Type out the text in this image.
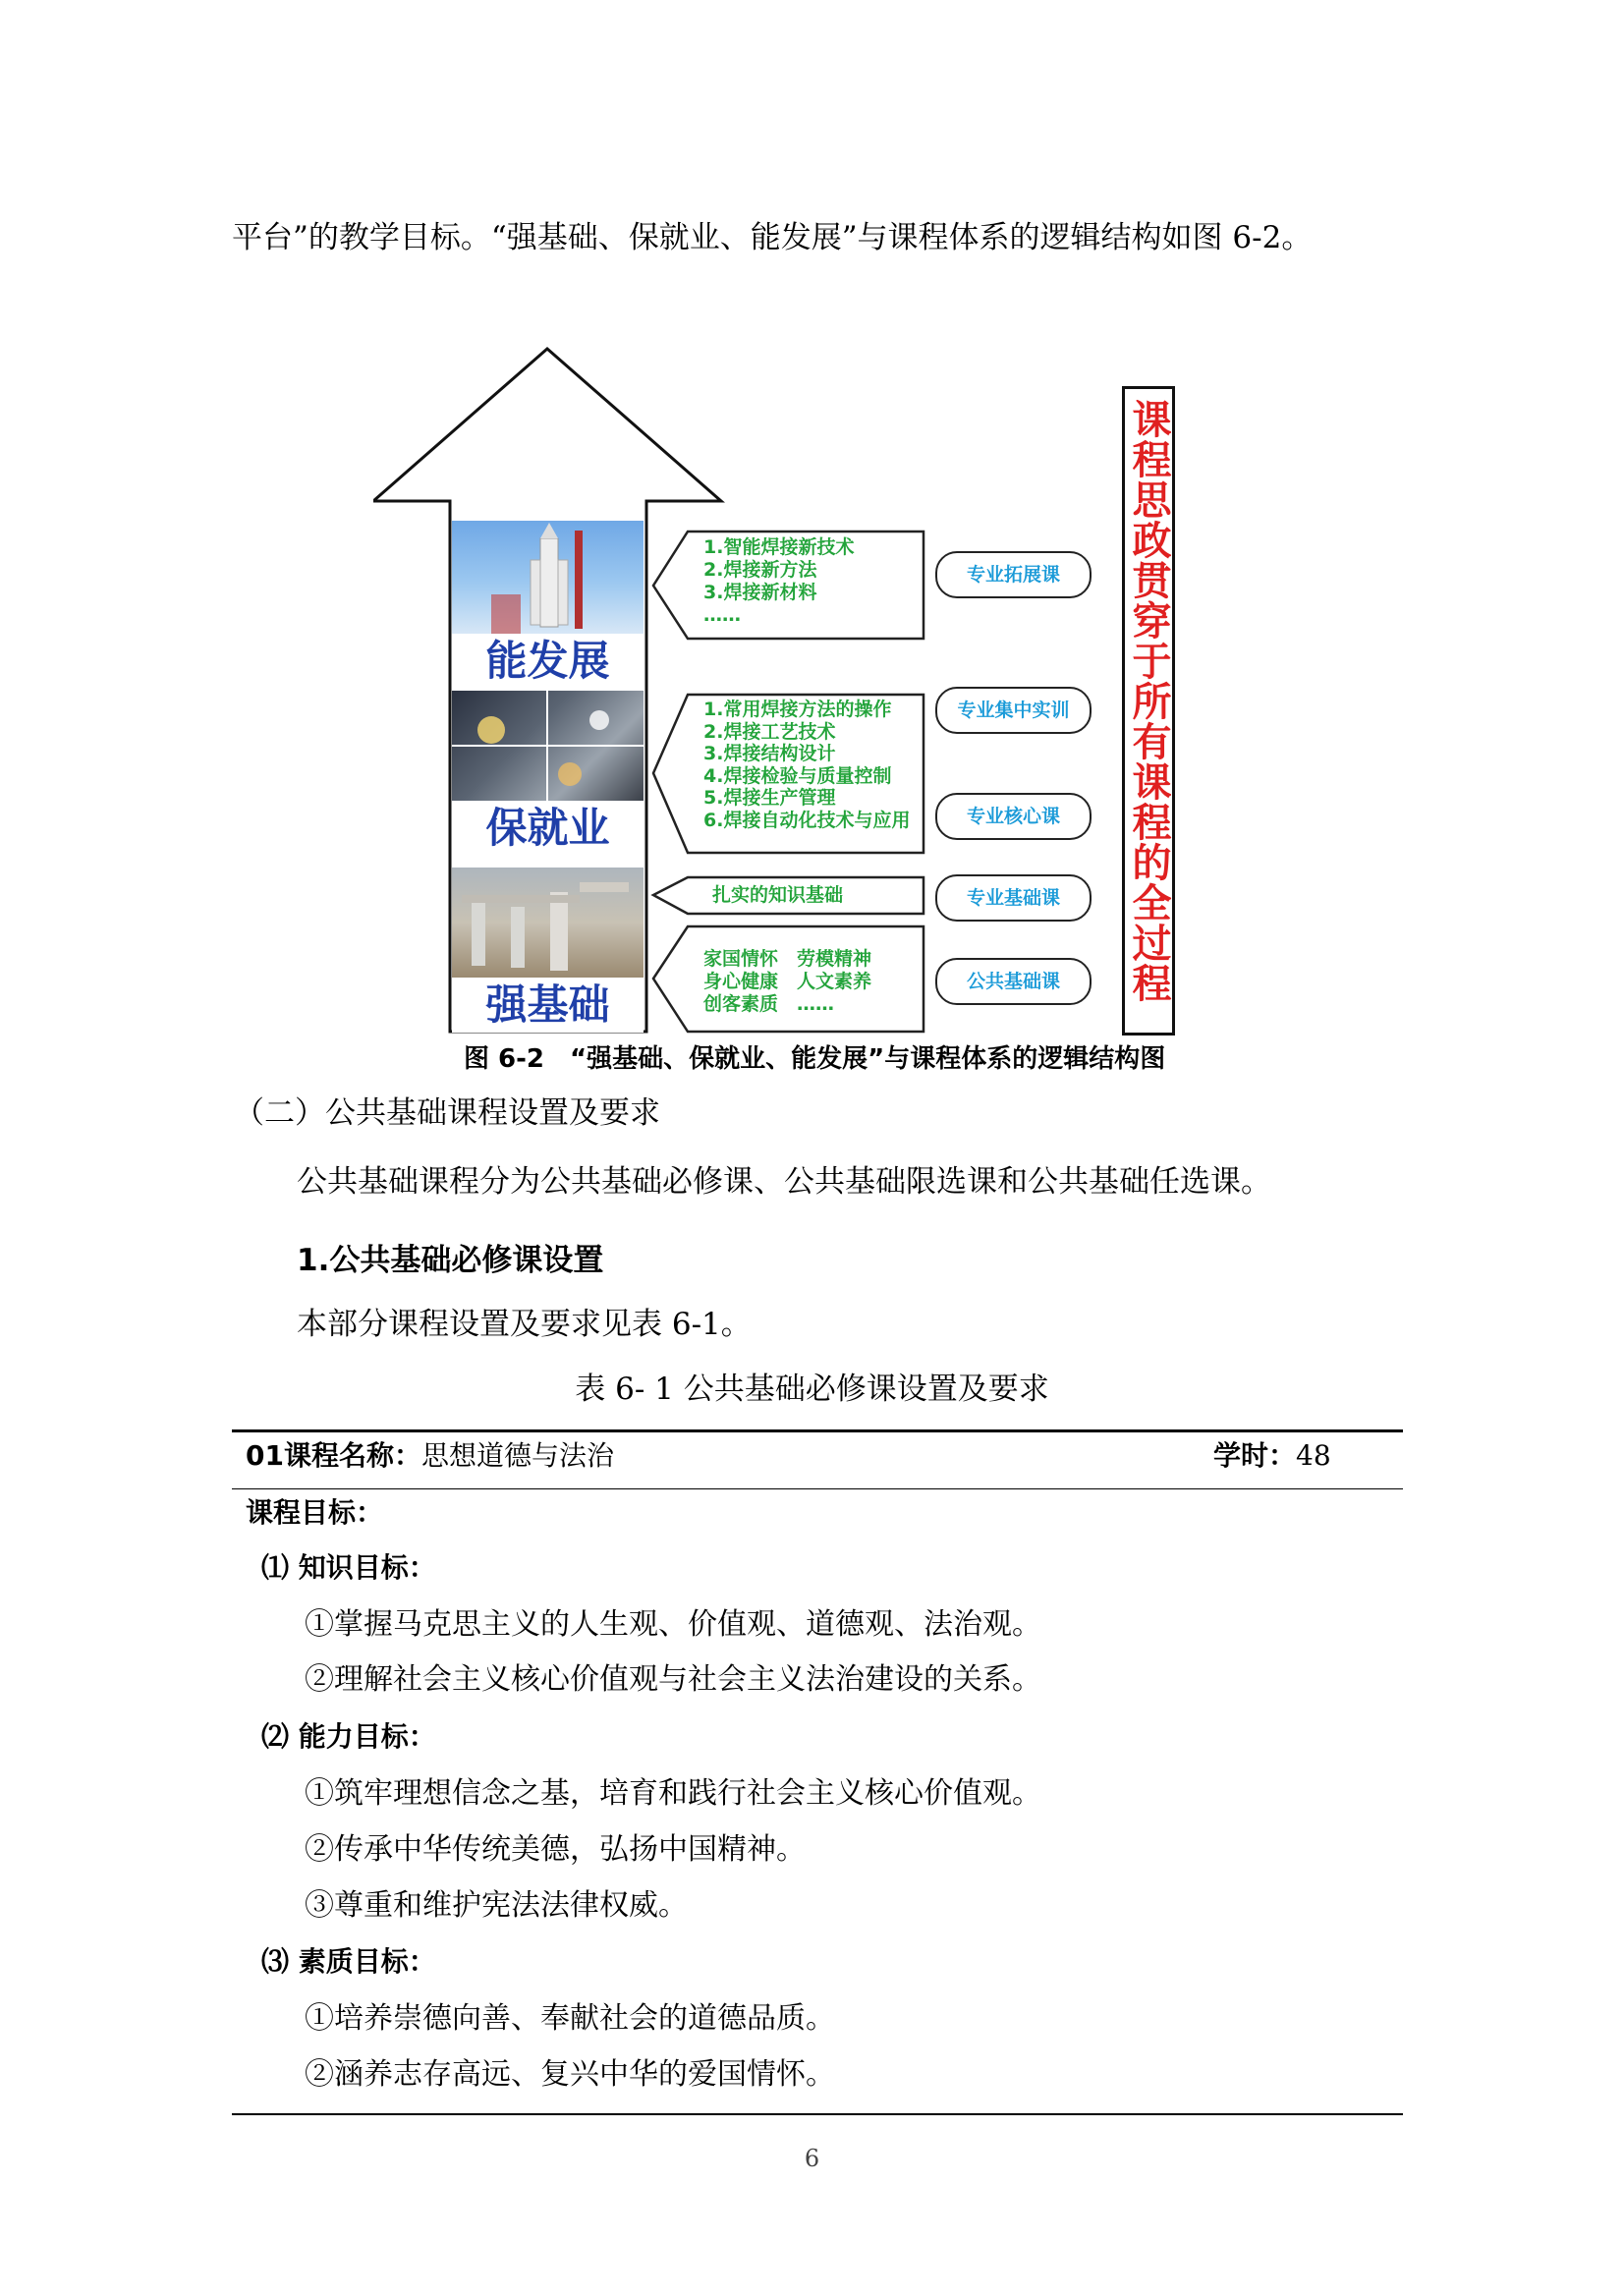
平台”的教学目标。“强基础、保就业、能发展”与课程体系的逻辑结构如图 6-2。
能发展
保就业
强基础
1.智能焊接新技术
2.焊接新方法
3.焊接新材料
……
1.常用焊接方法的操作
2.焊接工艺技术
3.焊接结构设计
4.焊接检验与质量控制
5.焊接生产管理
6.焊接自动化技术与应用
扎实的知识基础
家国情怀　劳模精神
身心健康　人文素养
创客素质　……
专业拓展课
专业集中实训
专业核心课
专业基础课
公共基础课	课程思政贯穿于所有课程的全过程
图 6-2　“强基础、保就业、能发展”与课程体系的逻辑结构图
（二）公共基础课程设置及要求
公共基础课程分为公共基础必修课、公共基础限选课和公共基础任选课。
1.公共基础必修课设置
本部分课程设置及要求见表 6-1。
表 6- 1 公共基础必修课设置及要求
01课程名称：思想道德与法治	学时：48
课程目标：
⑴ 知识目标：
①掌握马克思主义的人生观、价值观、道德观、法治观。
②理解社会主义核心价值观与社会主义法治建设的关系。
⑵ 能力目标：
①筑牢理想信念之基，培育和践行社会主义核心价值观。
②传承中华传统美德，弘扬中国精神。
③尊重和维护宪法法律权威。
⑶ 素质目标：
①培养崇德向善、奉献社会的道德品质。
②涵养志存高远、复兴中华的爱国情怀。
6
